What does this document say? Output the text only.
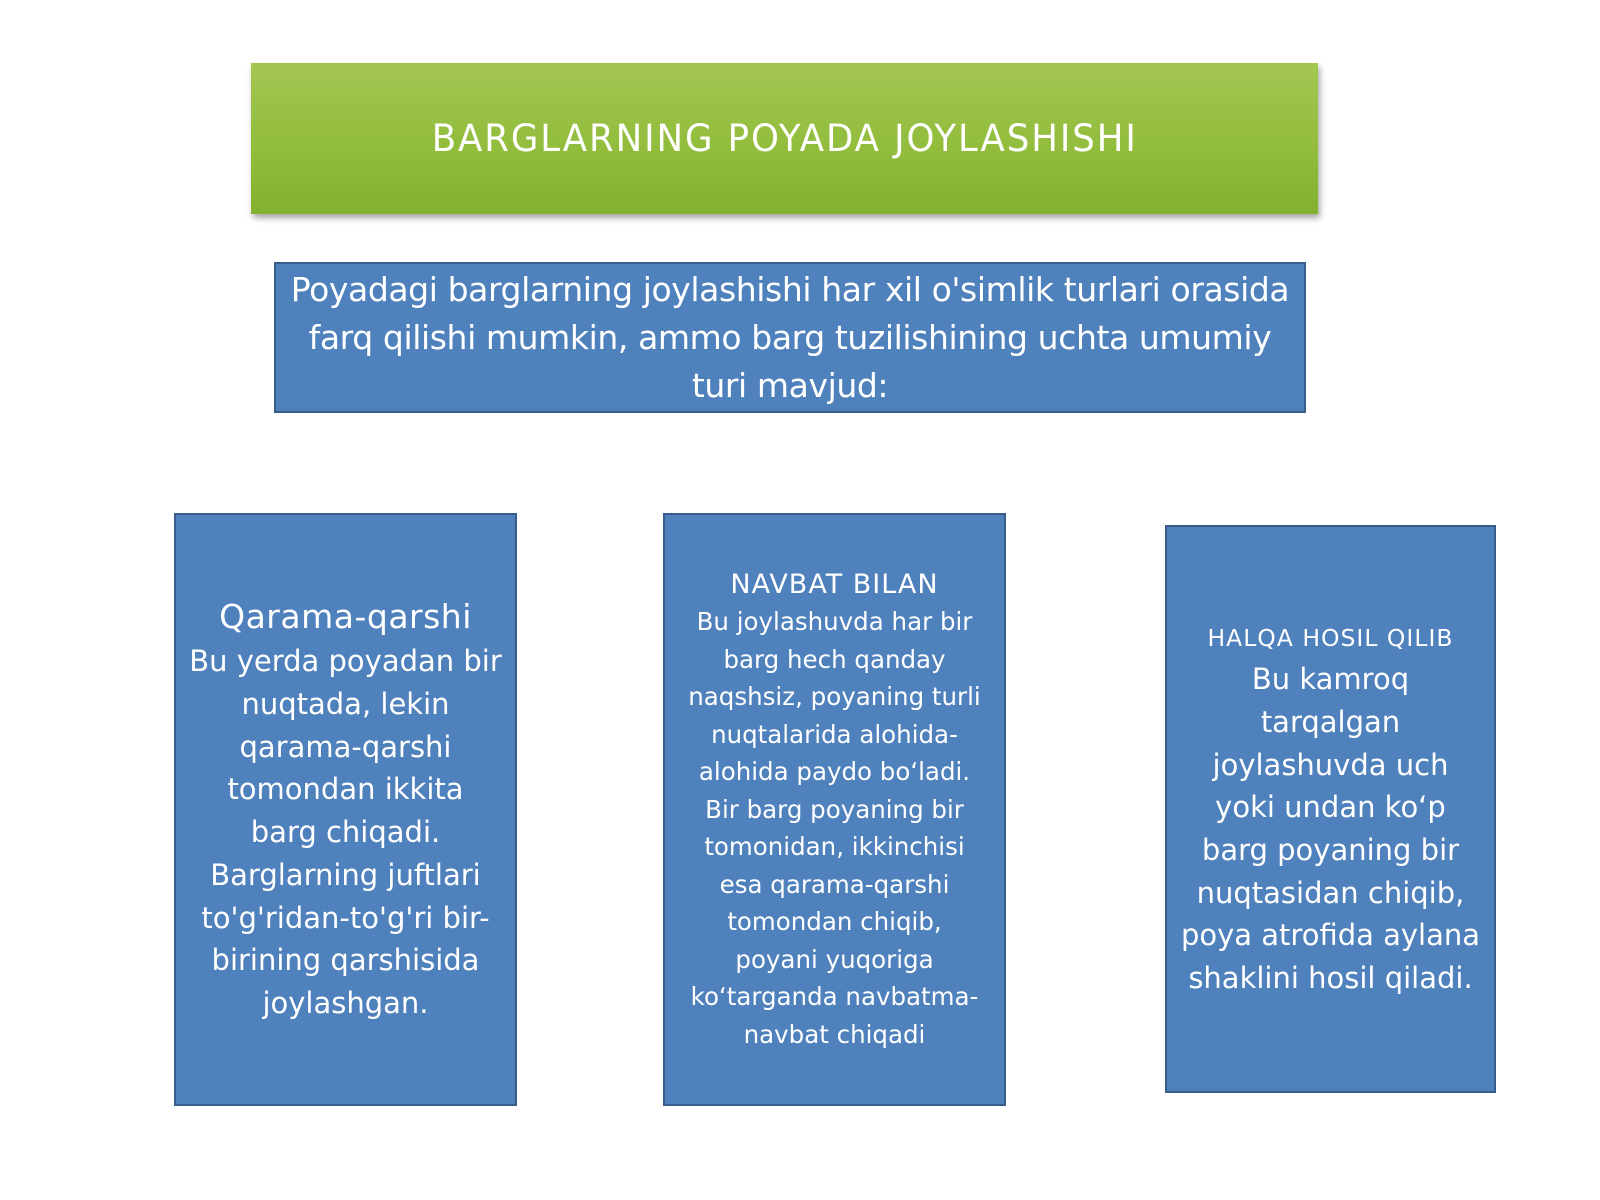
BARGLARNING POYADA JOYLASHISHI
Poyadagi barglarning joylashishi har xil o'simlik turlari orasida farq qilishi mumkin, ammo barg tuzilishining uchta umumiy turi mavjud:
Qarama-qarshi
Bu yerda poyadan bir
nuqtada, lekin
qarama-qarshi
tomondan ikkita
barg chiqadi.
Barglarning juftlari
to'g'ridan-to'g'ri bir-
birining qarshisida
joylashgan.
NAVBAT BILAN
Bu joylashuvda har bir
barg hech qanday
naqshsiz, poyaning turli
nuqtalarida alohida-
alohida paydo boʻladi.
Bir barg poyaning bir
tomonidan, ikkinchisi
esa qarama-qarshi
tomondan chiqib,
poyani yuqoriga
koʻtarganda navbatma-
navbat chiqadi
HALQA HOSIL QILIB
Bu kamroq
tarqalgan
joylashuvda uch
yoki undan koʻp
barg poyaning bir
nuqtasidan chiqib,
poya atrofida aylana
shaklini hosil qiladi.
